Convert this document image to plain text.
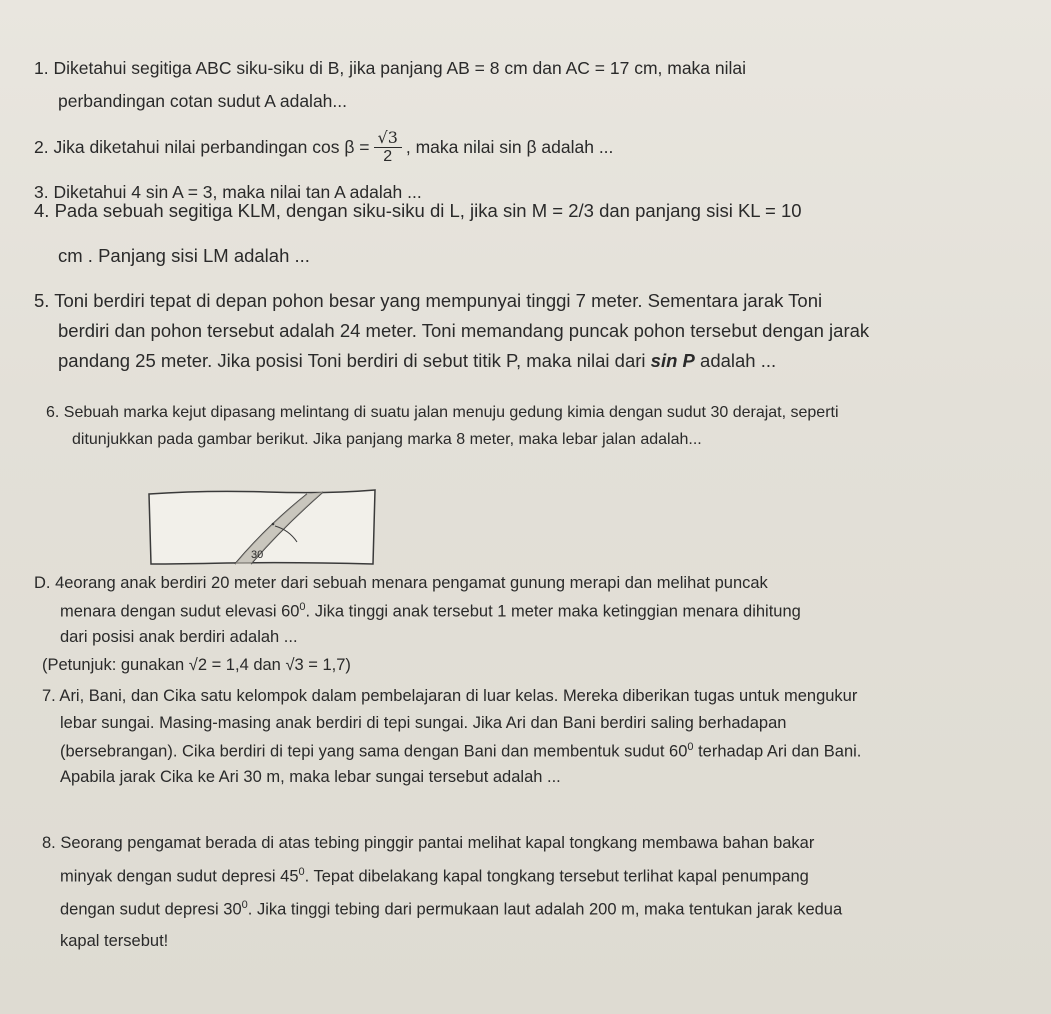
1. Diketahui segitiga ABC siku-siku di B, jika panjang AB = 8 cm dan AC = 17 cm, maka nilai
perbandingan cotan sudut A adalah...
2. Jika diketahui nilai perbandingan $\cos \beta = \frac{√3}{2}$ , maka nilai sin β adalah ...
3. Diketahui 4 sin A = 3, maka nilai tan A adalah ...
4. Pada sebuah segitiga KLM, dengan siku-siku di L, jika sin M = 2/3 dan panjang sisi KL = 10
cm . Panjang sisi LM adalah ...
5. Toni berdiri tepat di depan pohon besar yang mempunyai tinggi 7 meter. Sementara jarak Toni
berdiri dan pohon tersebut adalah 24 meter. Toni memandang puncak pohon tersebut dengan jarak
pandang 25 meter. Jika posisi Toni berdiri di sebut titik P, maka nilai dari sin P adalah ...
6. Sebuah marka kejut dipasang melintang di suatu jalan menuju gedung kimia dengan sudut 30 derajat, seperti
ditunjukkan pada gambar berikut. Jika panjang marka 8 meter, maka lebar jalan adalah...
30
D. 4eorang anak berdiri 20 meter dari sebuah menara pengamat gunung merapi dan melihat puncak
menara dengan sudut elevasi $60^0$. Jika tinggi anak tersebut 1 meter maka ketinggian menara dihitung
dari posisi anak berdiri adalah ...
(Petunjuk: gunakan √2 = 1,4 dan √3 = 1,7)
7. Ari, Bani, dan Cika satu kelompok dalam pembelajaran di luar kelas. Mereka diberikan tugas untuk mengukur
lebar sungai. Masing-masing anak berdiri di tepi sungai. Jika Ari dan Bani berdiri saling berhadapan
(bersebrangan). Cika berdiri di tepi yang sama dengan Bani dan membentuk sudut $60^0$ terhadap Ari dan Bani.
Apabila jarak Cika ke Ari 30 m, maka lebar sungai tersebut adalah ...
8. Seorang pengamat berada di atas tebing pinggir pantai melihat kapal tongkang membawa bahan bakar
minyak dengan sudut depresi $45^0$. Tepat dibelakang kapal tongkang tersebut terlihat kapal penumpang
dengan sudut depresi $30^0$. Jika tinggi tebing dari permukaan laut adalah 200 m, maka tentukan jarak kedua
kapal tersebut!
